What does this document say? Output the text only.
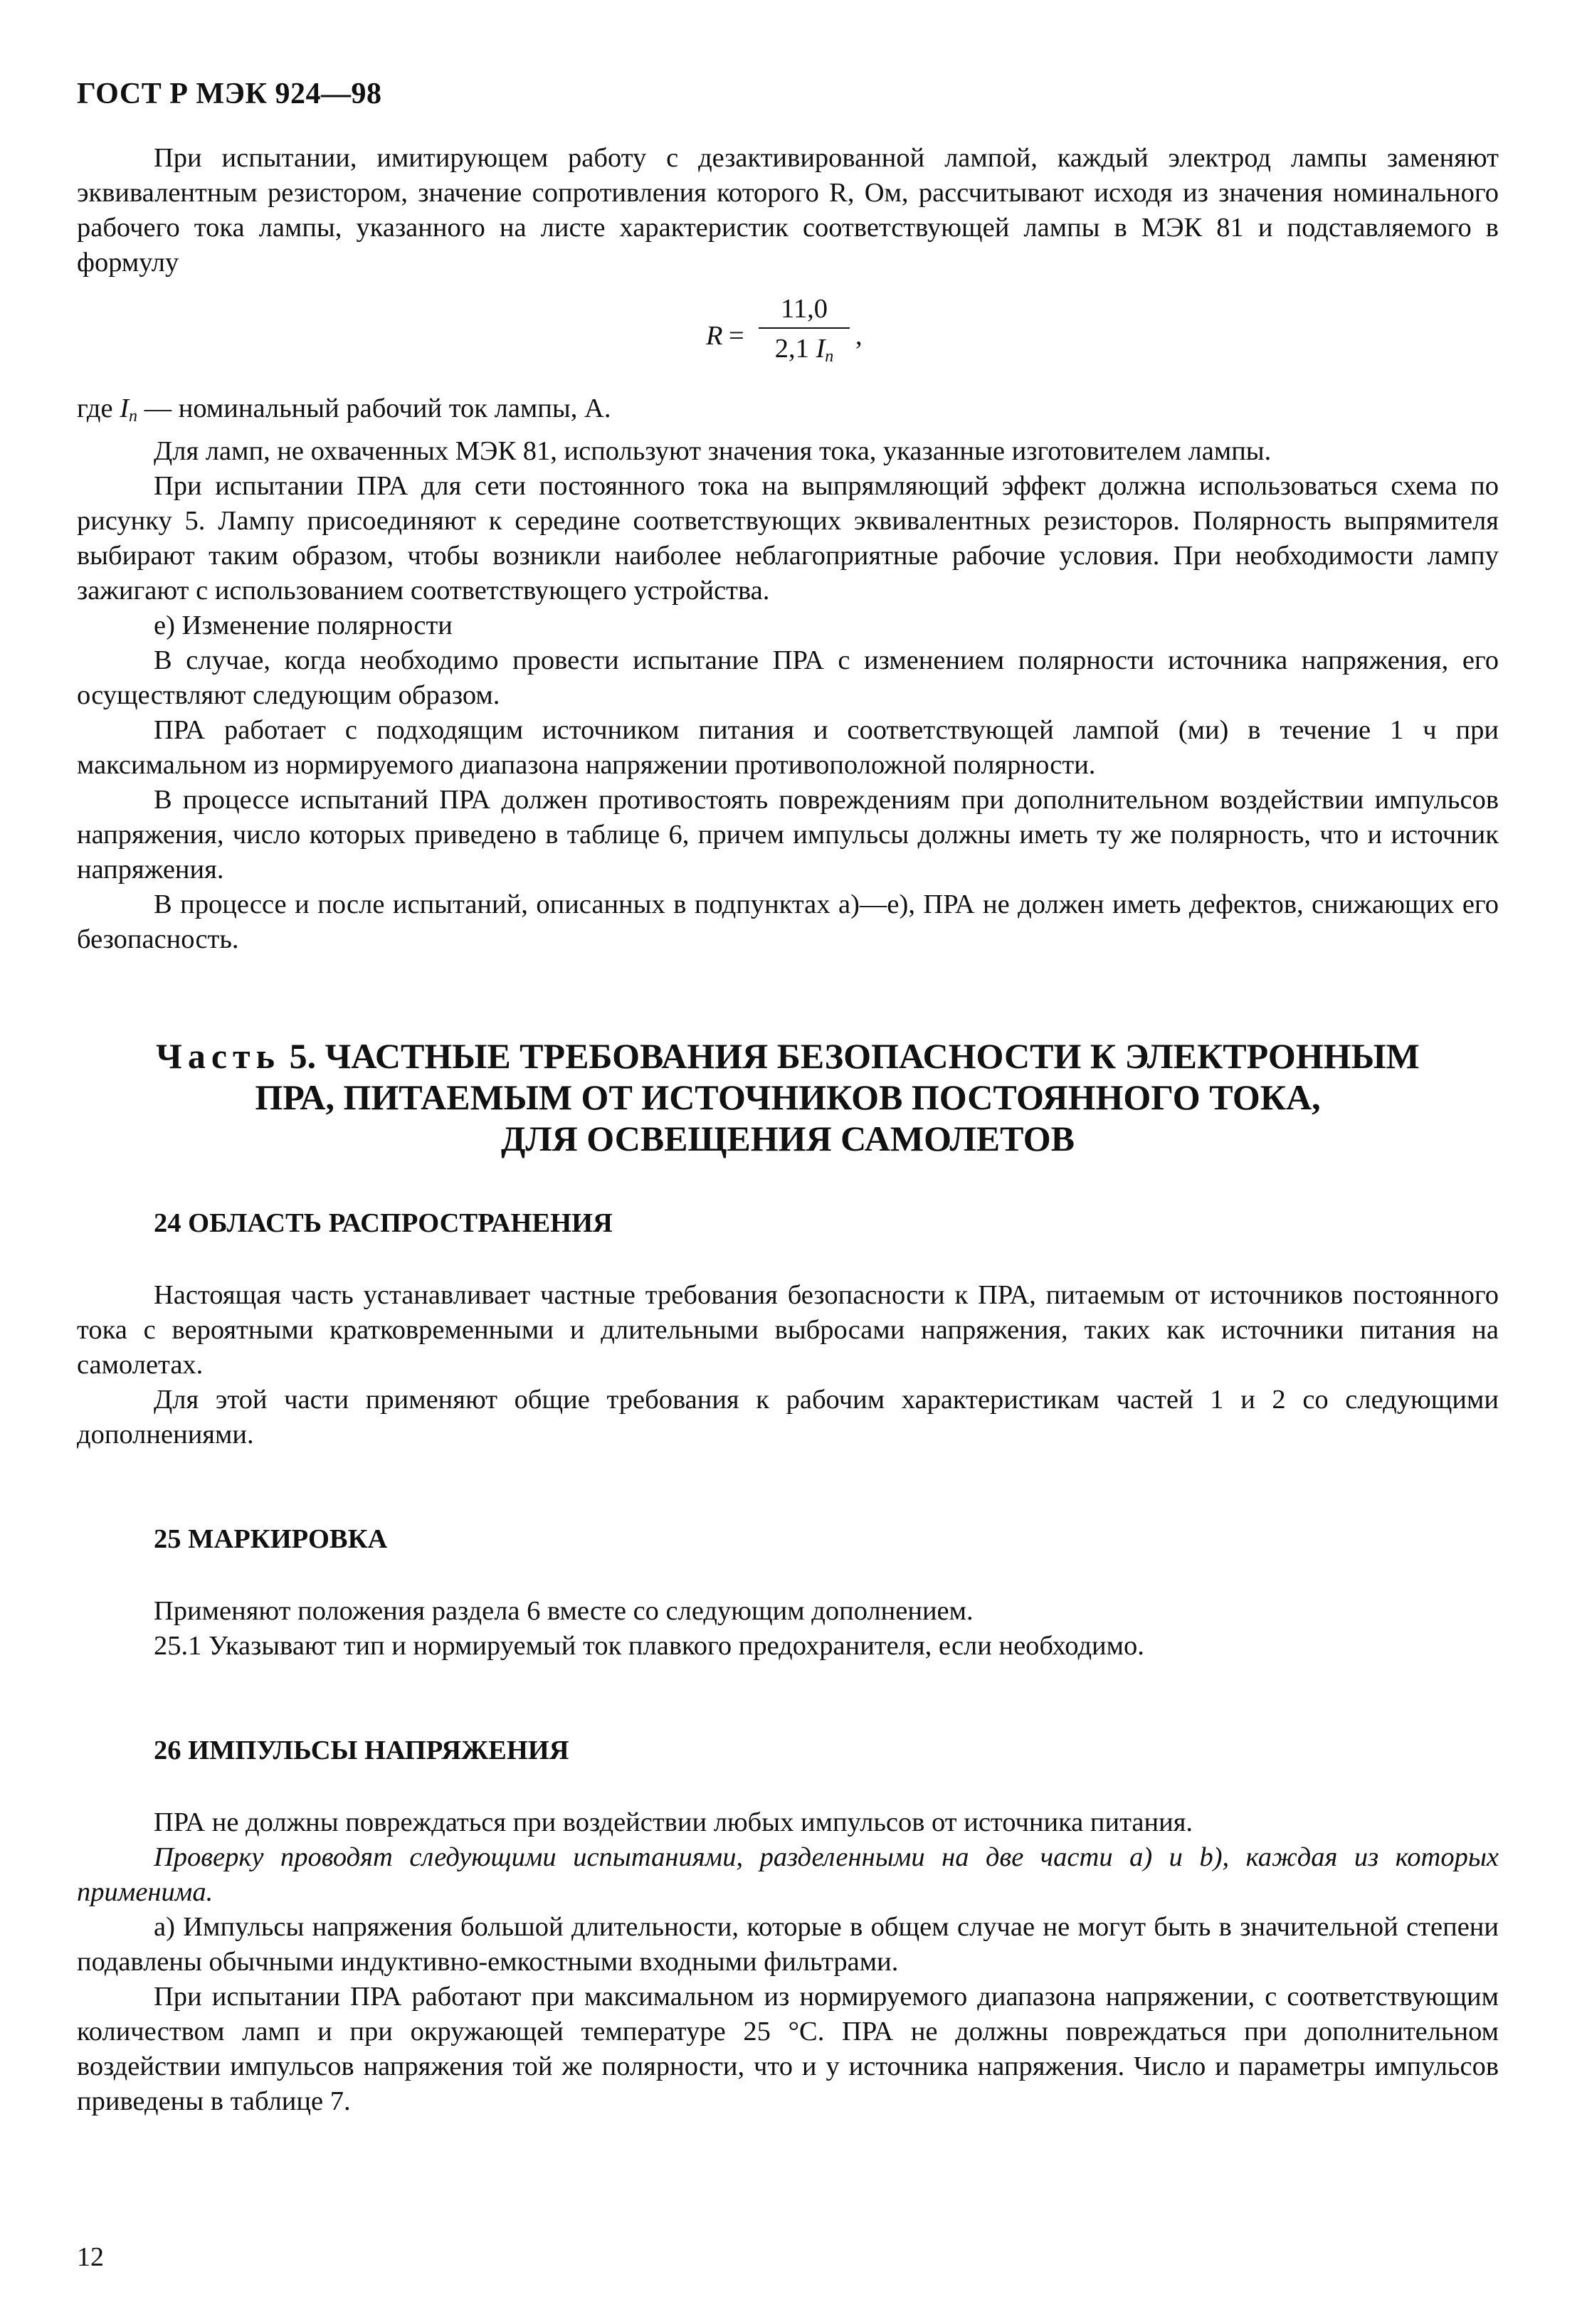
ГОСТ Р МЭК 924—98

При испытании, имитирующем работу с дезактивированной лампой, каждый электрод лампы заменяют эквивалентным резистором, значение сопротивления которого R, Ом, рассчитывают исходя из значения номинального рабочего тока лампы, указанного на листе характеристик соответствующей лампы в МЭК 81 и подставляемого в формулу

R =
11,0
2,1 $I_n$
,

где $I_n$ — номинальный рабочий ток лампы, А.

Для ламп, не охваченных МЭК 81, используют значения тока, указанные изготовителем лампы.

При испытании ПРА для сети постоянного тока на выпрямляющий эффект должна использоваться схема по рисунку 5. Лампу присоединяют к середине соответствующих эквивалентных резисторов. Полярность выпрямителя выбирают таким образом, чтобы возникли наиболее неблагоприятные рабочие условия. При необходимости лампу зажигают с использованием соответствующего устройства.

е) Изменение полярности

В случае, когда необходимо провести испытание ПРА с изменением полярности источника напряжения, его осуществляют следующим образом.

ПРА работает с подходящим источником питания и соответствующей лампой (ми) в течение 1 ч при максимальном из нормируемого диапазона напряжении противоположной полярности.

В процессе испытаний ПРА должен противостоять повреждениям при дополнительном воздействии импульсов напряжения, число которых приведено в таблице 6, причем импульсы должны иметь ту же полярность, что и источник напряжения.

В процессе и после испытаний, описанных в подпунктах а)—е), ПРА не должен иметь дефектов, снижающих его безопасность.

Часть 5. ЧАСТНЫЕ ТРЕБОВАНИЯ БЕЗОПАСНОСТИ К ЭЛЕКТРОННЫМ
ПРА, ПИТАЕМЫМ ОТ ИСТОЧНИКОВ ПОСТОЯННОГО ТОКА,
ДЛЯ ОСВЕЩЕНИЯ САМОЛЕТОВ
24 ОБЛАСТЬ РАСПРОСТРАНЕНИЯ

Настоящая часть устанавливает частные требования безопасности к ПРА, питаемым от источников постоянного тока с вероятными кратковременными и длительными выбросами напряжения, таких как источники питания на самолетах.

Для этой части применяют общие требования к рабочим характеристикам частей 1 и 2 со следующими дополнениями.

25 МАРКИРОВКА

Применяют положения раздела 6 вместе со следующим дополнением.

25.1 Указывают тип и нормируемый ток плавкого предохранителя, если необходимо.

26 ИМПУЛЬСЫ НАПРЯЖЕНИЯ

ПРА не должны повреждаться при воздействии любых импульсов от источника питания.

Проверку проводят следующими испытаниями, разделенными на две части а) и b), каждая из которых применима.

а) Импульсы напряжения большой длительности, которые в общем случае не могут быть в значительной степени подавлены обычными индуктивно-емкостными входными фильтрами.

При испытании ПРА работают при максимальном из нормируемого диапазона напряжении, с соответствующим количеством ламп и при окружающей температуре 25 °С. ПРА не должны повреждаться при дополнительном воздействии импульсов напряжения той же полярности, что и у источника напряжения. Число и параметры импульсов приведены в таблице 7.

12
